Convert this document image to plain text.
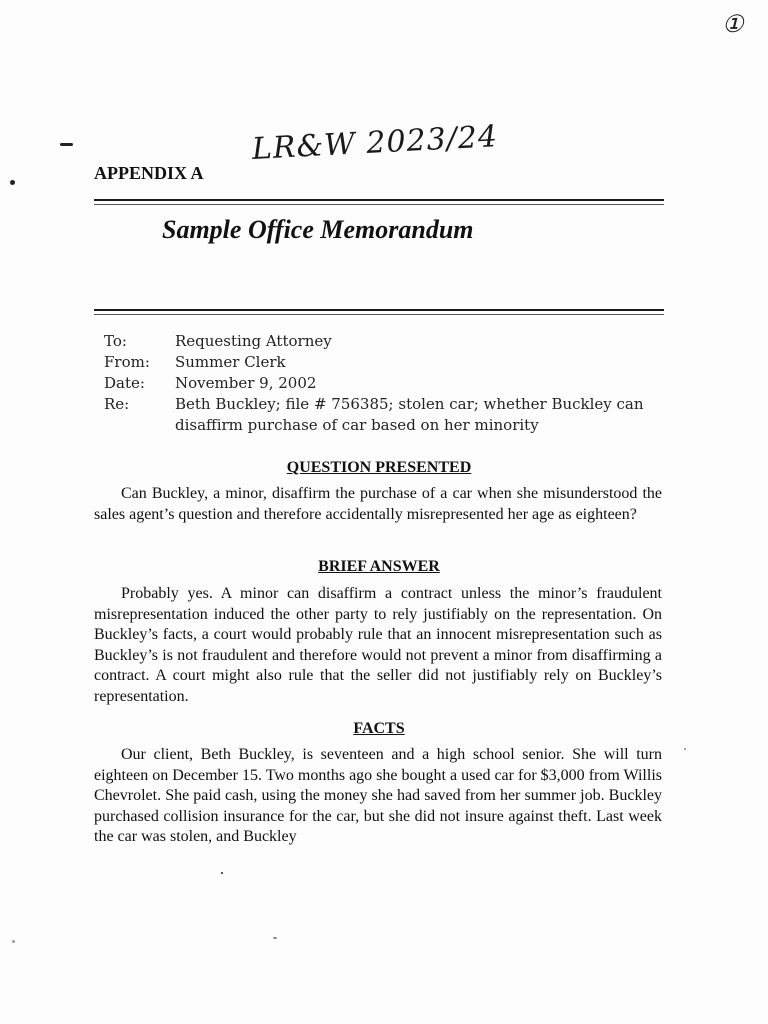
①
LR&W 2023/24
APPENDIX A
Sample Office Memorandum
To:	Requesting Attorney
From:	Summer Clerk
Date:	November 9, 2002
Re:	Beth Buckley; file # 756385; stolen car; whether Buckley can disaffirm purchase of car based on her minority
QUESTION PRESENTED

Can Buckley, a minor, disaffirm the purchase of a car when she misunderstood the sales agent’s question and therefore accidentally misrepresented her age as eighteen?

BRIEF ANSWER

Probably yes. A minor can disaffirm a contract unless the minor’s fraudulent misrepresentation induced the other party to rely justifiably on the representation. On Buckley’s facts, a court would probably rule that an innocent misrepresentation such as Buckley’s is not fraudulent and therefore would not prevent a minor from disaffirming a contract. A court might also rule that the seller did not justifiably rely on Buckley’s representation.

FACTS

Our client, Beth Buckley, is seventeen and a high school senior. She will turn eighteen on December 15. Two months ago she bought a used car for $3,000 from Willis Chevrolet. She paid cash, using the money she had saved from her summer job. Buckley purchased collision insurance for the car, but she did not insure against theft. Last week the car was stolen, and Buckley
